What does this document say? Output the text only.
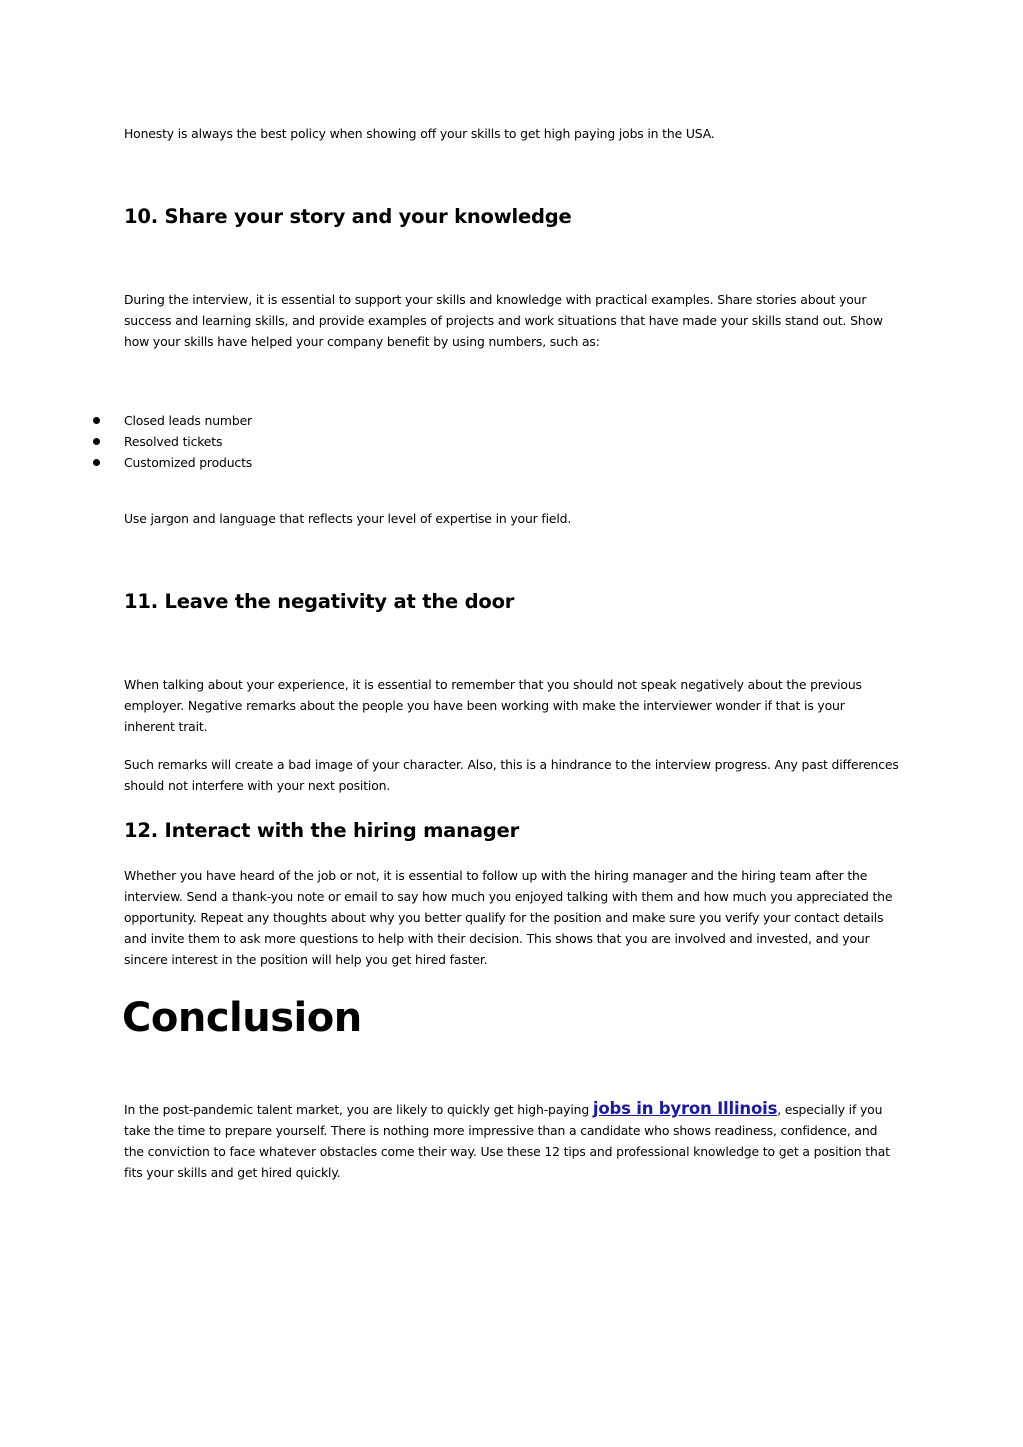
Honesty is always the best policy when showing off your skills to get high paying jobs in the USA.

10. Share your story and your knowledge

During the interview, it is essential to support your skills and knowledge with practical examples. Share stories about your success and learning skills, and provide examples of projects and work situations that have made your skills stand out. Show how your skills have helped your company benefit by using numbers, such as:

Closed leads number
Resolved tickets
Customized products

Use jargon and language that reflects your level of expertise in your field.

11. Leave the negativity at the door

When talking about your experience, it is essential to remember that you should not speak negatively about the previous employer. Negative remarks about the people you have been working with make the interviewer wonder if that is your inherent trait.

Such remarks will create a bad image of your character. Also, this is a hindrance to the interview progress. Any past differences should not interfere with your next position.

12. Interact with the hiring manager

Whether you have heard of the job or not, it is essential to follow up with the hiring manager and the hiring team after the interview. Send a thank-you note or email to say how much you enjoyed talking with them and how much you appreciated the opportunity. Repeat any thoughts about why you better qualify for the position and make sure you verify your contact details and invite them to ask more questions to help with their decision. This shows that you are involved and invested, and your sincere interest in the position will help you get hired faster.

Conclusion

In the post-pandemic talent market, you are likely to quickly get high-paying jobs in byron Illinois, especially if you take the time to prepare yourself. There is nothing more impressive than a candidate who shows readiness, confidence, and the conviction to face whatever obstacles come their way. Use these 12 tips and professional knowledge to get a position that fits your skills and get hired quickly.
